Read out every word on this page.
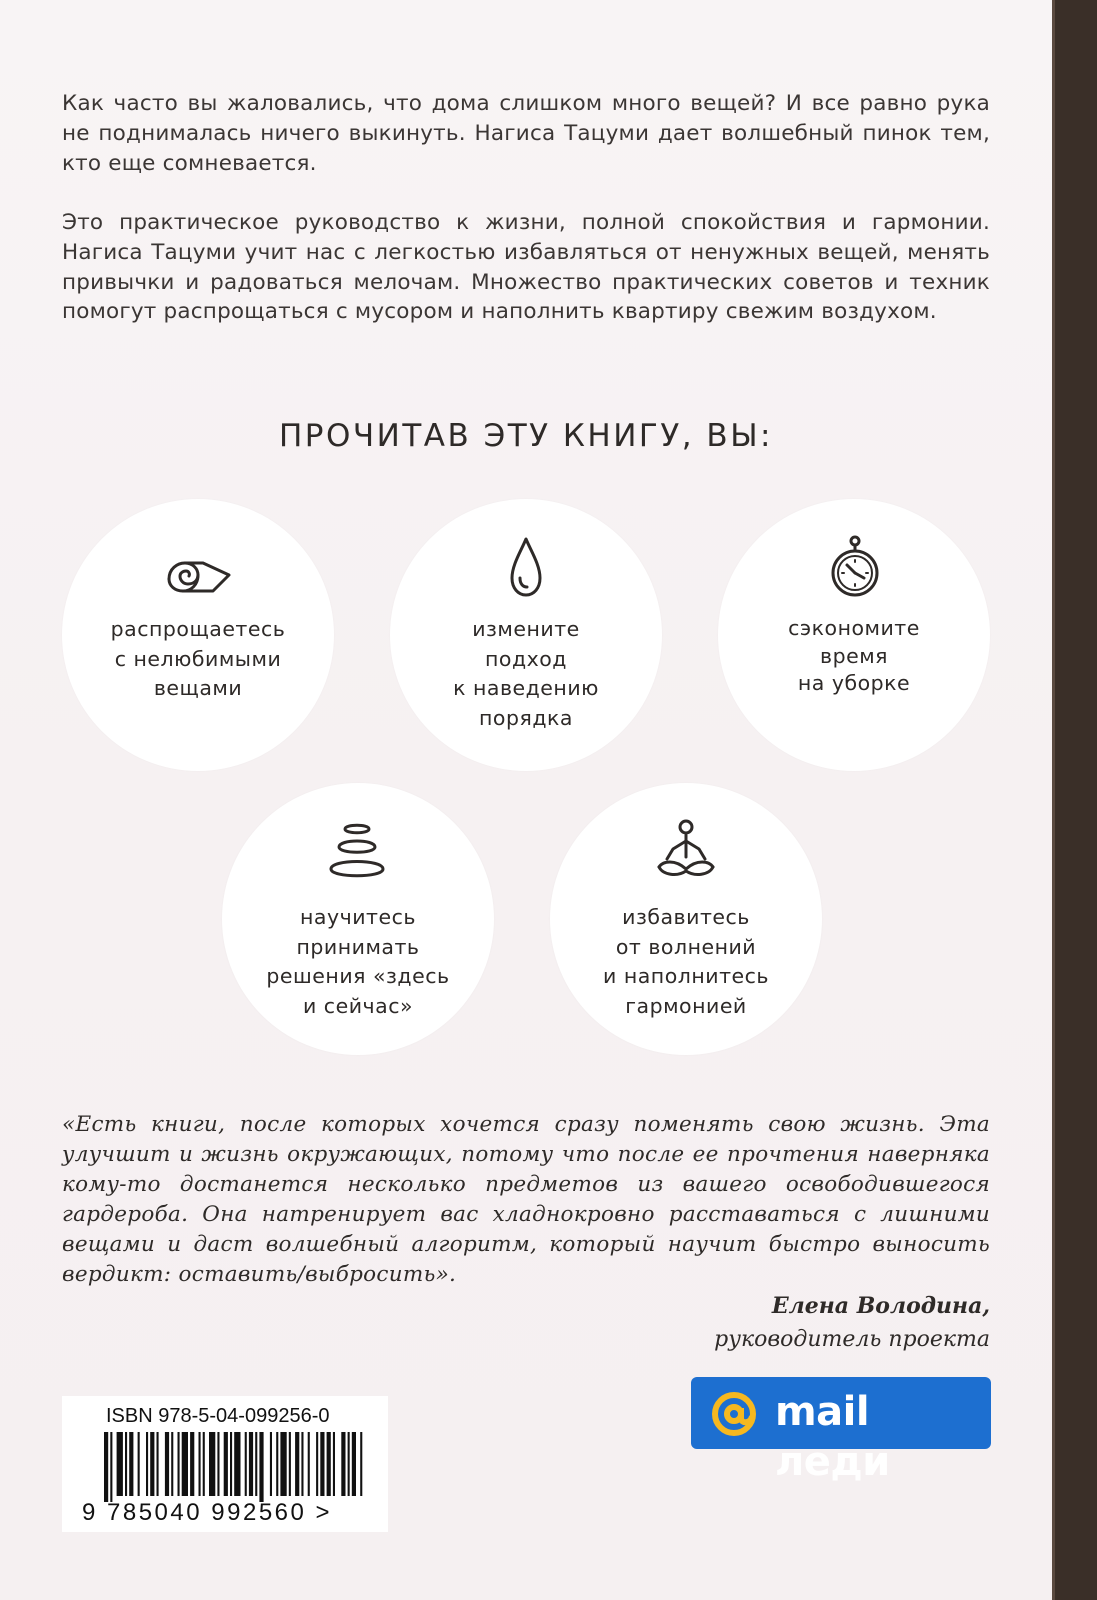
Как часто вы жаловались, что дома слишком много вещей? И все равно рука не поднималась ничего выкинуть. Нагиса Тацуми дает волшебный пинок тем, кто еще сомневается.

Это практическое руководство к жизни, полной спокойствия и гармонии. Нагиса Тацуми учит нас с легкостью избавляться от ненужных вещей, менять привычки и радоваться мелочам. Множество практических советов и техник помогут распрощаться с мусором и наполнить квартиру свежим воздухом.

ПРОЧИТАВ ЭТУ КНИГУ, ВЫ:
распрощаетесь
с нелюбимыми
вещами
измените
подход
к наведению
порядка
сэкономите
время
на уборке
научитесь
принимать
решения «здесь
и сейчас»
избавитесь
от волнений
и наполнитесь
гармонией

«Есть книги, после которых хочется сразу поменять свою жизнь. Эта улучшит и жизнь окружающих, потому что после ее прочтения наверняка кому-то достанется несколько предметов из вашего освободившегося гардероба. Она натренирует вас хладнокровно расставаться с лишними вещами и даст волшебный алгоритм, который научит быстро выносить вердикт: оставить/выбросить».

Елена Володина,

руководитель проекта

ISBN 978-5-04-099256-0
9 785040 992560 >
mail леди
